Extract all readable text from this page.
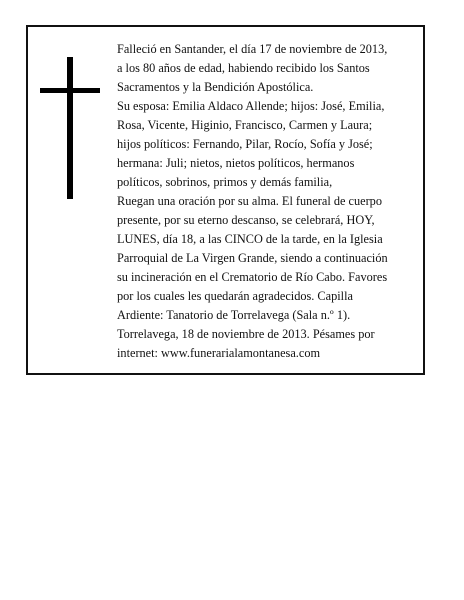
Falleció en Santander, el día 17 de noviembre de 2013,
a los 80 años de edad, habiendo recibido los Santos
Sacramentos y la Bendición Apostólica.
Su esposa: Emilia Aldaco Allende; hijos: José, Emilia,
Rosa, Vicente, Higinio, Francisco, Carmen y Laura;
hijos políticos: Fernando, Pilar, Rocío, Sofía y José;
hermana: Juli; nietos, nietos políticos, hermanos
políticos, sobrinos, primos y demás familia,
Ruegan una oración por su alma. El funeral de cuerpo
presente, por su eterno descanso, se celebrará, HOY,
LUNES, día 18, a las CINCO de la tarde, en la Iglesia
Parroquial de La Virgen Grande, siendo a continuación
su incineración en el Crematorio de Río Cabo. Favores
por los cuales les quedarán agradecidos. Capilla
Ardiente: Tanatorio de Torrelavega (Sala n.º 1).
Torrelavega, 18 de noviembre de 2013. Pésames por
internet: www.funerarialamontanesa.com
